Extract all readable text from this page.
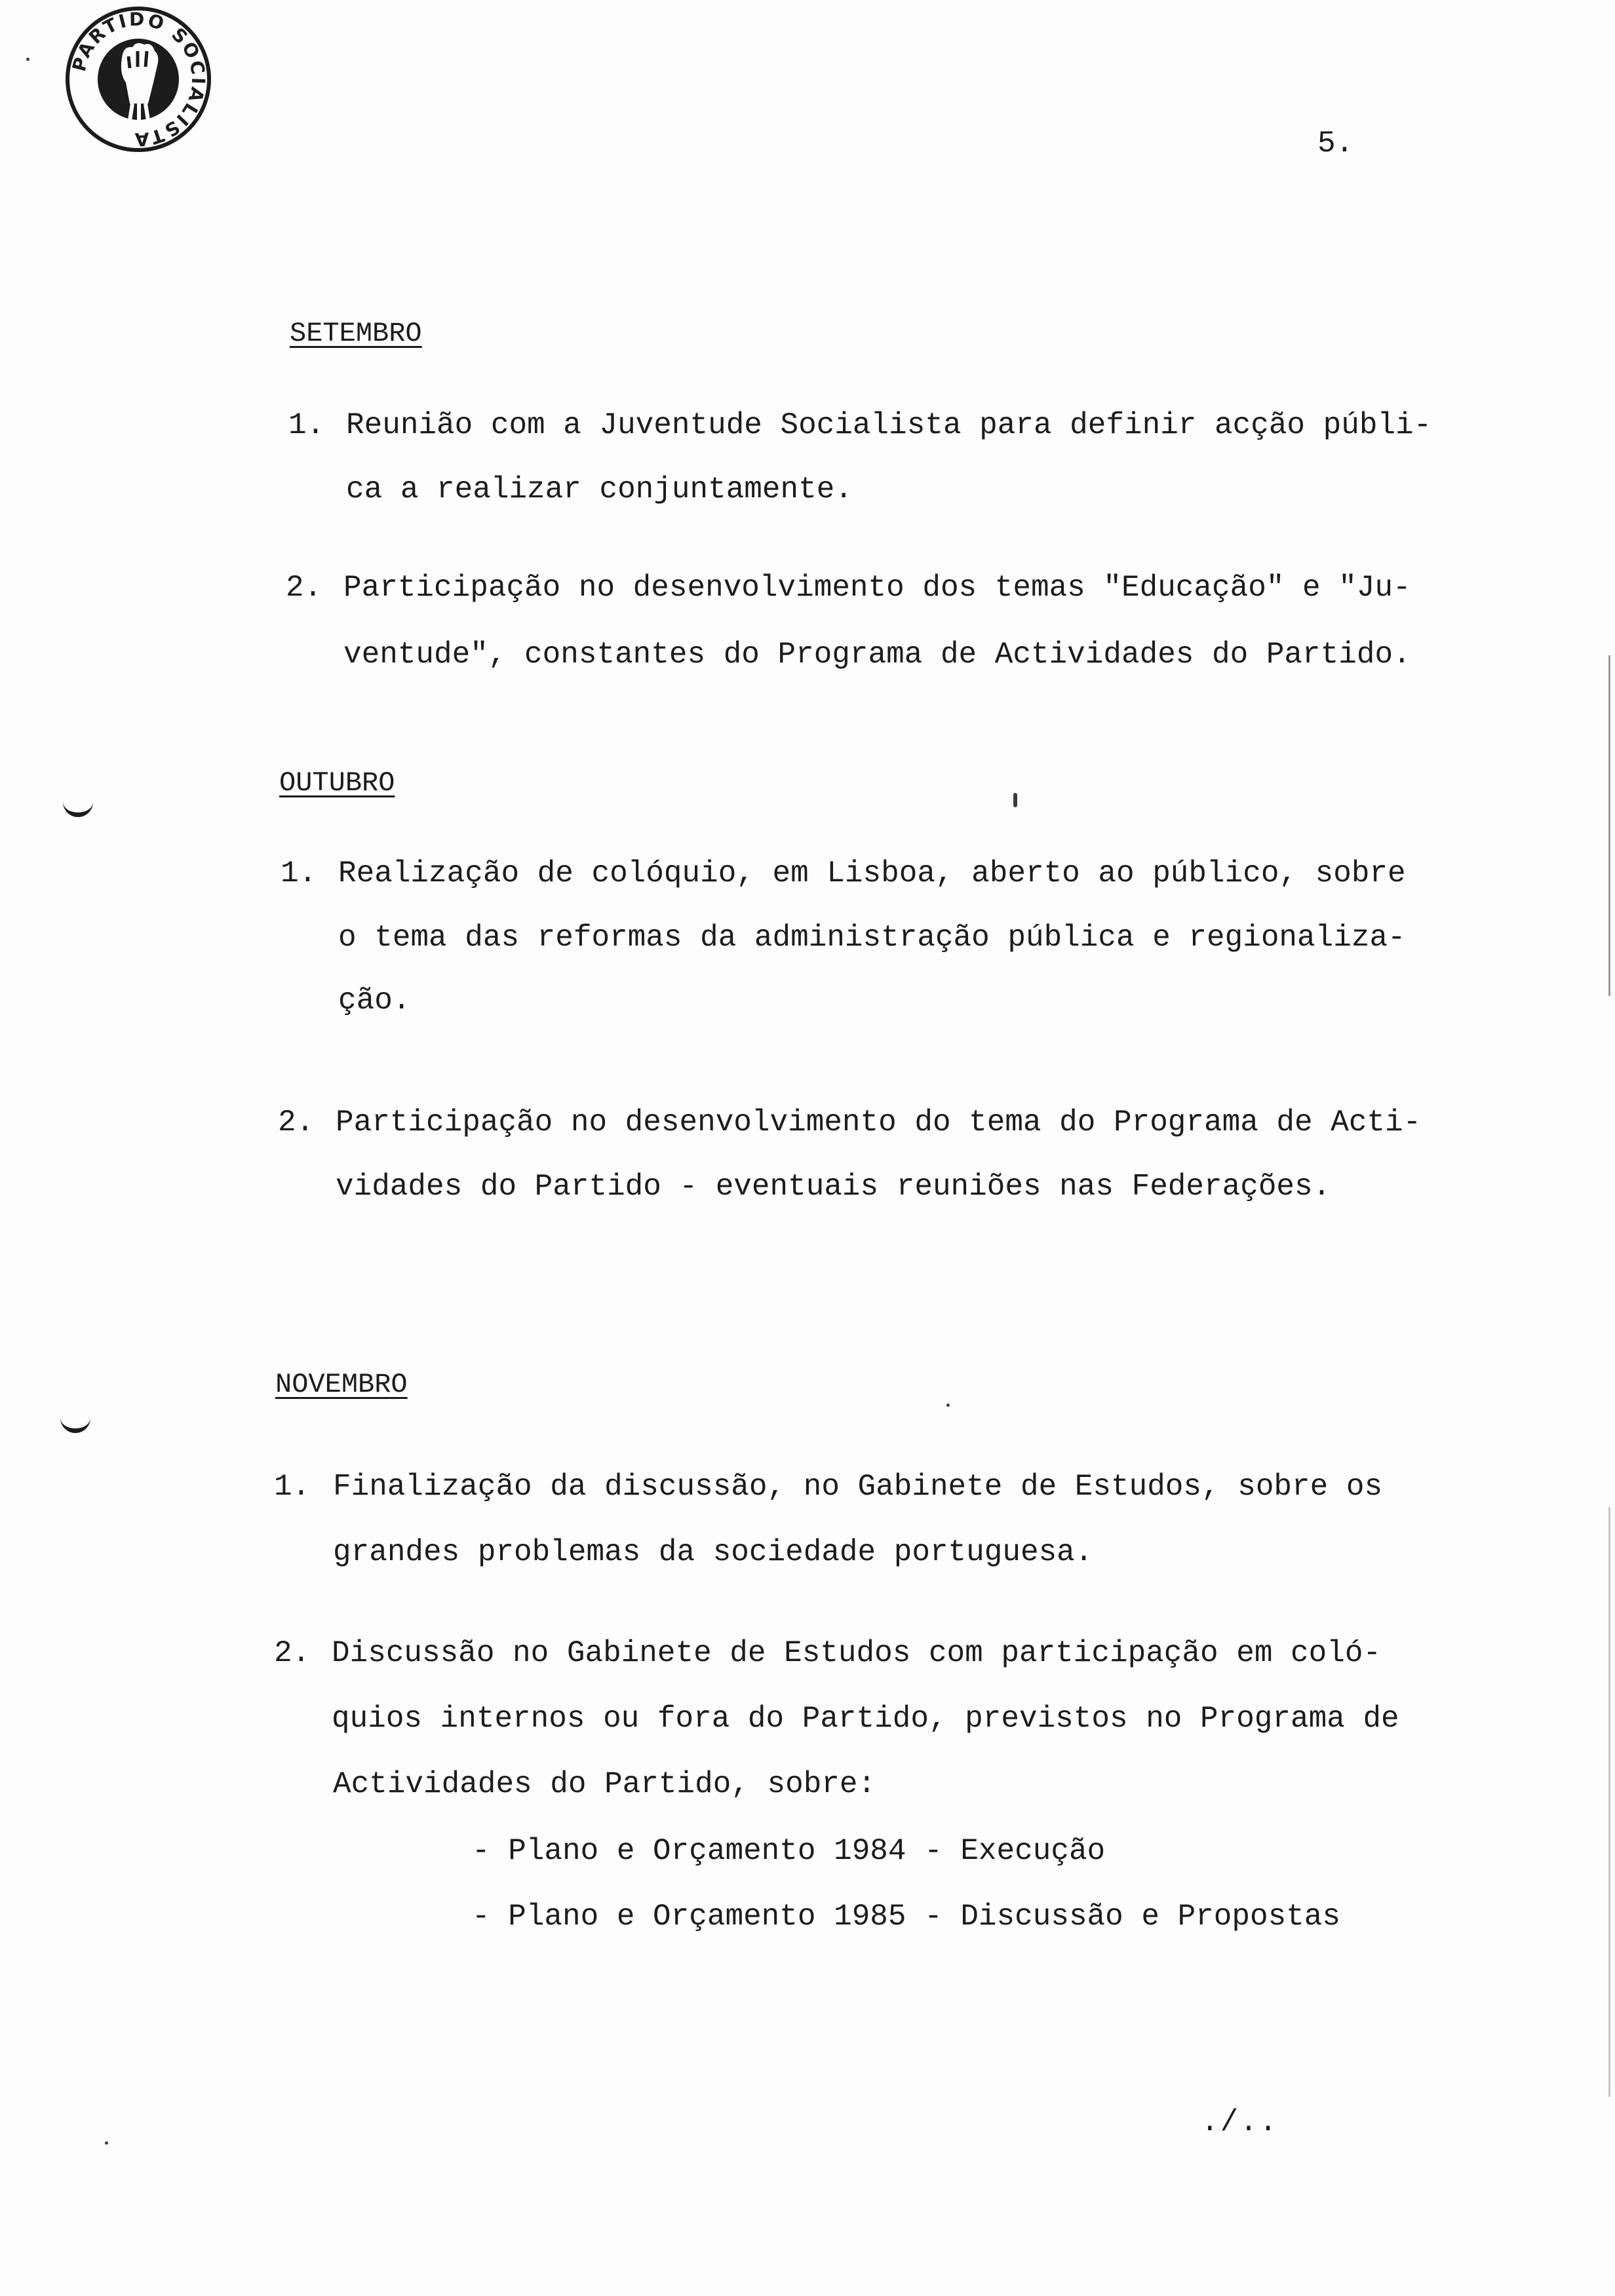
PARTIDO SOCIALISTA	5.
SETEMBRO
1. Reunião com a Juventude Socialista para definir acção públi-
ca a realizar conjuntamente.
2. Participação no desenvolvimento dos temas "Educação" e "Ju-
ventude", constantes do Programa de Actividades do Partido.
OUTUBRO
1. Realização de colóquio, em Lisboa, aberto ao público, sobre
o tema das reformas da administração pública e regionaliza-
ção.
2. Participação no desenvolvimento do tema do Programa de Acti-
vidades do Partido - eventuais reuniões nas Federações.
NOVEMBRO
1. Finalização da discussão, no Gabinete de Estudos, sobre os
grandes problemas da sociedade portuguesa.
2. Discussão no Gabinete de Estudos com participação em coló-
quios internos ou fora do Partido, previstos no Programa de
Actividades do Partido, sobre:
- Plano e Orçamento 1984 - Execução
- Plano e Orçamento 1985 - Discussão e Propostas
./..
